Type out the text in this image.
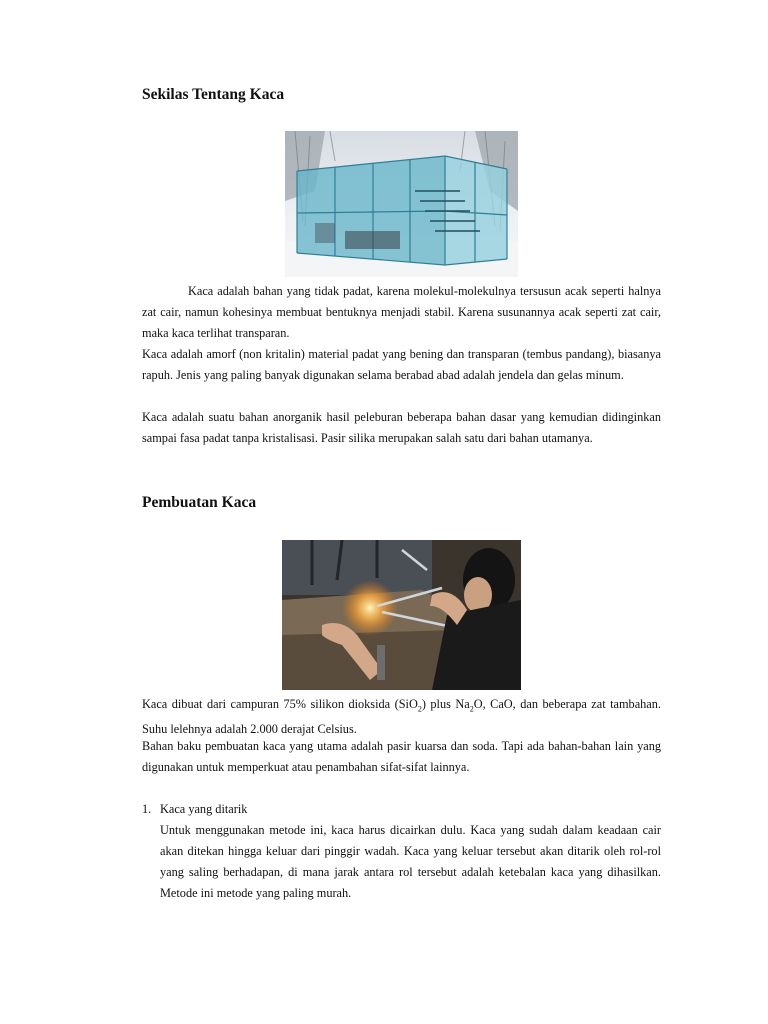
Sekilas Tentang Kaca

Kaca adalah bahan yang tidak padat, karena molekul-molekulnya tersusun acak seperti halnya zat cair, namun kohesinya membuat bentuknya menjadi stabil. Karena susunannya acak seperti zat cair, maka kaca terlihat transparan.

Kaca adalah amorf (non kritalin) material padat yang bening dan transparan (tembus pandang), biasanya rapuh. Jenis yang paling banyak digunakan selama berabad abad adalah jendela dan gelas minum.

Kaca adalah suatu bahan anorganik hasil peleburan beberapa bahan dasar yang kemudian didinginkan sampai fasa padat tanpa kristalisasi. Pasir silika merupakan salah satu dari bahan utamanya.

Pembuatan Kaca

Kaca dibuat dari campuran 75% silikon dioksida (SiO$_2$) plus $Na_2O$, CaO, dan beberapa zat tambahan. Suhu lelehnya adalah 2.000 derajat Celsius.

Bahan baku pembuatan kaca yang utama adalah pasir kuarsa dan soda. Tapi ada bahan-bahan lain yang digunakan untuk memperkuat atau penambahan sifat-sifat lainnya.

1. Kaca yang ditarik

Untuk menggunakan metode ini, kaca harus dicairkan dulu. Kaca yang sudah dalam keadaan cair akan ditekan hingga keluar dari pinggir wadah. Kaca yang keluar tersebut akan ditarik oleh rol-rol yang saling berhadapan, di mana jarak antara rol tersebut adalah ketebalan kaca yang dihasilkan. Metode ini metode yang paling murah.
